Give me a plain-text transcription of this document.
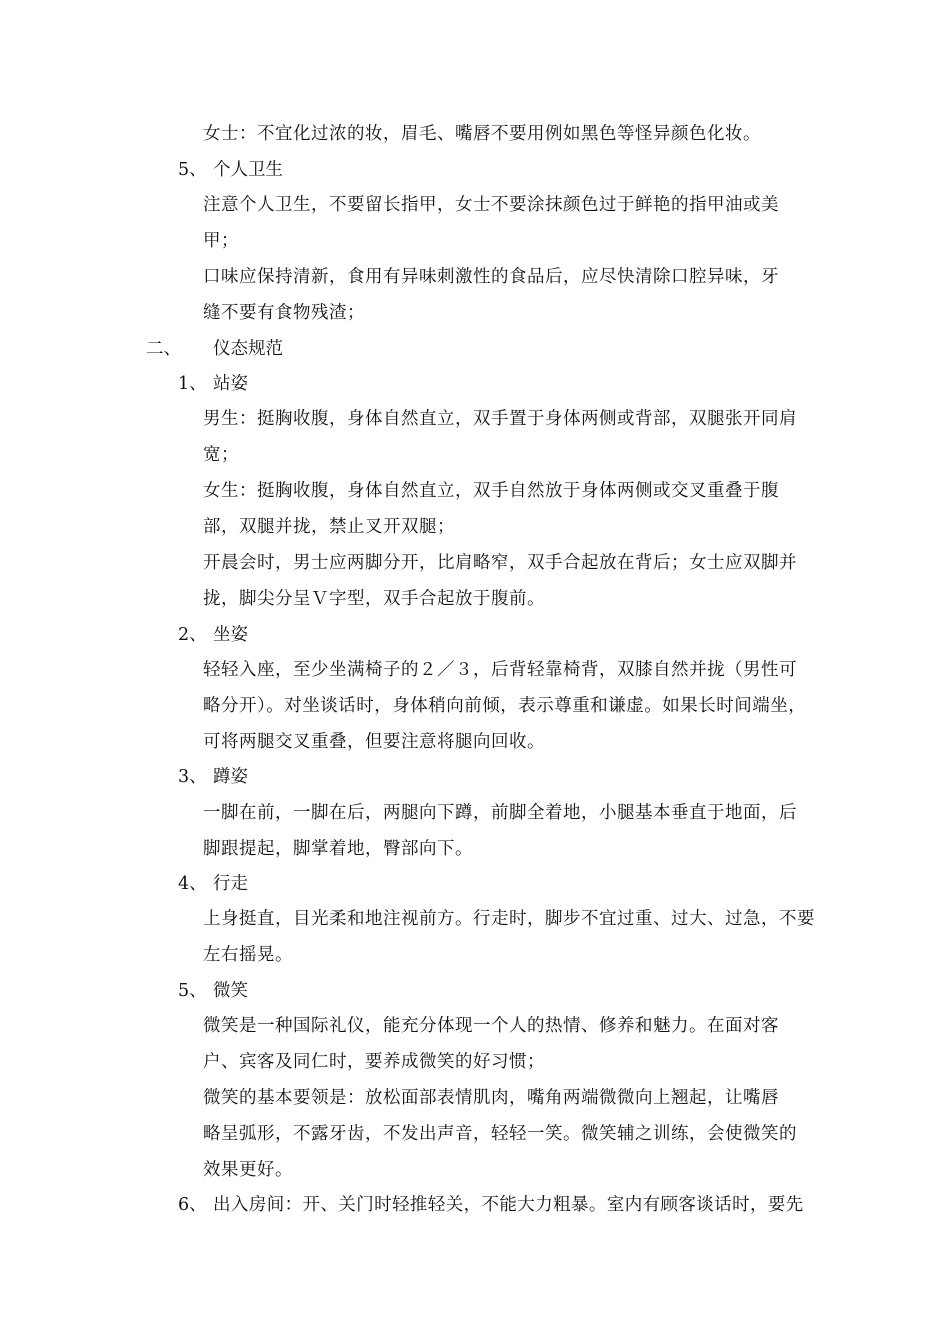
女士：不宜化过浓的妆，眉毛、嘴唇不要用例如黑色等怪异颜色化妆。
5、 个人卫生
注意个人卫生，不要留长指甲，女士不要涂抹颜色过于鲜艳的指甲油或美
甲；
口味应保持清新，食用有异味刺激性的食品后，应尽快清除口腔异味，牙
缝不要有食物残渣；
二、 仪态规范
1、 站姿
男生：挺胸收腹，身体自然直立，双手置于身体两侧或背部，双腿张开同肩
宽；
女生：挺胸收腹，身体自然直立，双手自然放于身体两侧或交叉重叠于腹
部，双腿并拢，禁止叉开双腿；
开晨会时，男士应两脚分开，比肩略窄，双手合起放在背后；女士应双脚并
拢，脚尖分呈Ｖ字型，双手合起放于腹前。
2、 坐姿
轻轻入座，至少坐满椅子的２／３，后背轻靠椅背，双膝自然并拢（男性可
略分开）。对坐谈话时，身体稍向前倾，表示尊重和谦虚。如果长时间端坐，
可将两腿交叉重叠，但要注意将腿向回收。
3、 蹲姿
一脚在前，一脚在后，两腿向下蹲，前脚全着地，小腿基本垂直于地面，后
脚跟提起，脚掌着地，臀部向下。
4、 行走
上身挺直，目光柔和地注视前方。行走时，脚步不宜过重、过大、过急，不要
左右摇晃。
5、 微笑
微笑是一种国际礼仪，能充分体现一个人的热情、修养和魅力。在面对客
户、宾客及同仁时，要养成微笑的好习惯；
微笑的基本要领是：放松面部表情肌肉，嘴角两端微微向上翘起，让嘴唇
略呈弧形，不露牙齿，不发出声音，轻轻一笑。微笑辅之训练，会使微笑的
效果更好。
6、 出入房间：开、关门时轻推轻关，不能大力粗暴。室内有顾客谈话时，要先
